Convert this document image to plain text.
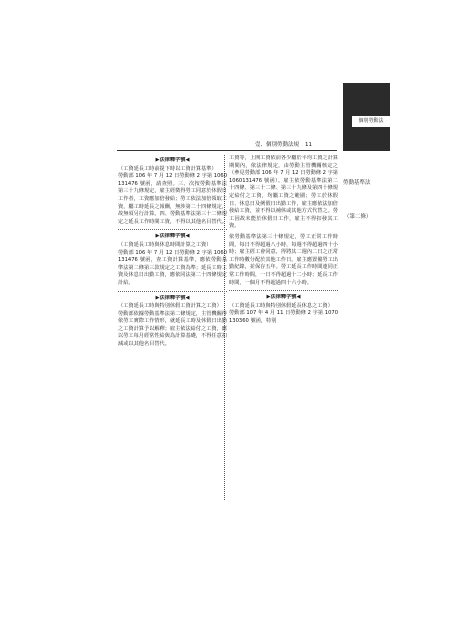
個別勞動法
壹、個別勞動法規 11
勞動基準法
（第二條）
▶法律釋字號◀

（工資延長工時前提下時以工資計算基準）

勞動部 106 年 7 月 12 日勞動條 2 字第 1060131476 號函，請查照。三、次按勞動基準法第三十九條規定，雇主經徵得勞工同意於休假日工作者，工資應加倍發給；勞工依法加倍領取工資，屬工時延長之報酬，無涉第二十四條規定，故無須另行計算。四、勞動基準法第三十二條規定之延長工作時間工資，不得以其他名目替代。

▶法律釋字號◀

（工資延長工時與休息時間計算之工資）

勞動部 106 年 7 月 12 日勞動條 2 字第 1060131476 號函，查工資計算基準，應依勞動基準法第二條第三款規定之工資為準；延長工時工資及休息日出勤工資，應依同法第二十四條規定計給。

▶法律釋字號◀

（工資延長工時與特別休假工資計算之工資）

勞動部依據勞動基準法第二條規定，主管機關得依勞工實際工作情形，就延長工時及休假日出勤之工資計算予以解釋；雇主依法給付之工資，應以勞工每月經常性給與為計算基礎，不得任意扣減或以其他名目替代。

工資等，上開工資依前各少屬於平均工資之計算期間內，依法律規定，由勞動主管機關核定之（參見勞動部 106 年 7 月 12 日勞動條 2 字第 1060131476 號函）。雇主依勞動基準法第二十四條、第三十二條、第三十九條及第四十條規定給付之工資，均屬工資之範圍；勞工於休假日、休息日及例假日出勤工作，雇主應依法加倍發給工資，並不得以補休或其他方式代替之。勞工因故未能於休假日工作，雇主不得扣發其工資。

依勞動基準法第三十條規定，勞工正常工作時間，每日不得超過八小時，每週不得超過四十小時；雇主經工會同意，得將其二週內二日之正常工作時數分配於其他工作日。雇主應置備勞工出勤紀錄，並保存五年。勞工延長工作時間連同正常工作時間，一日不得超過十二小時；延長工作時間，一個月不得超過四十六小時。

▶法律釋字號◀

（工資延長工時與特別休假延長休息之工資）

勞動部 107 年 4 月 11 日勞動條 2 字第 1070130360 號函，特別
